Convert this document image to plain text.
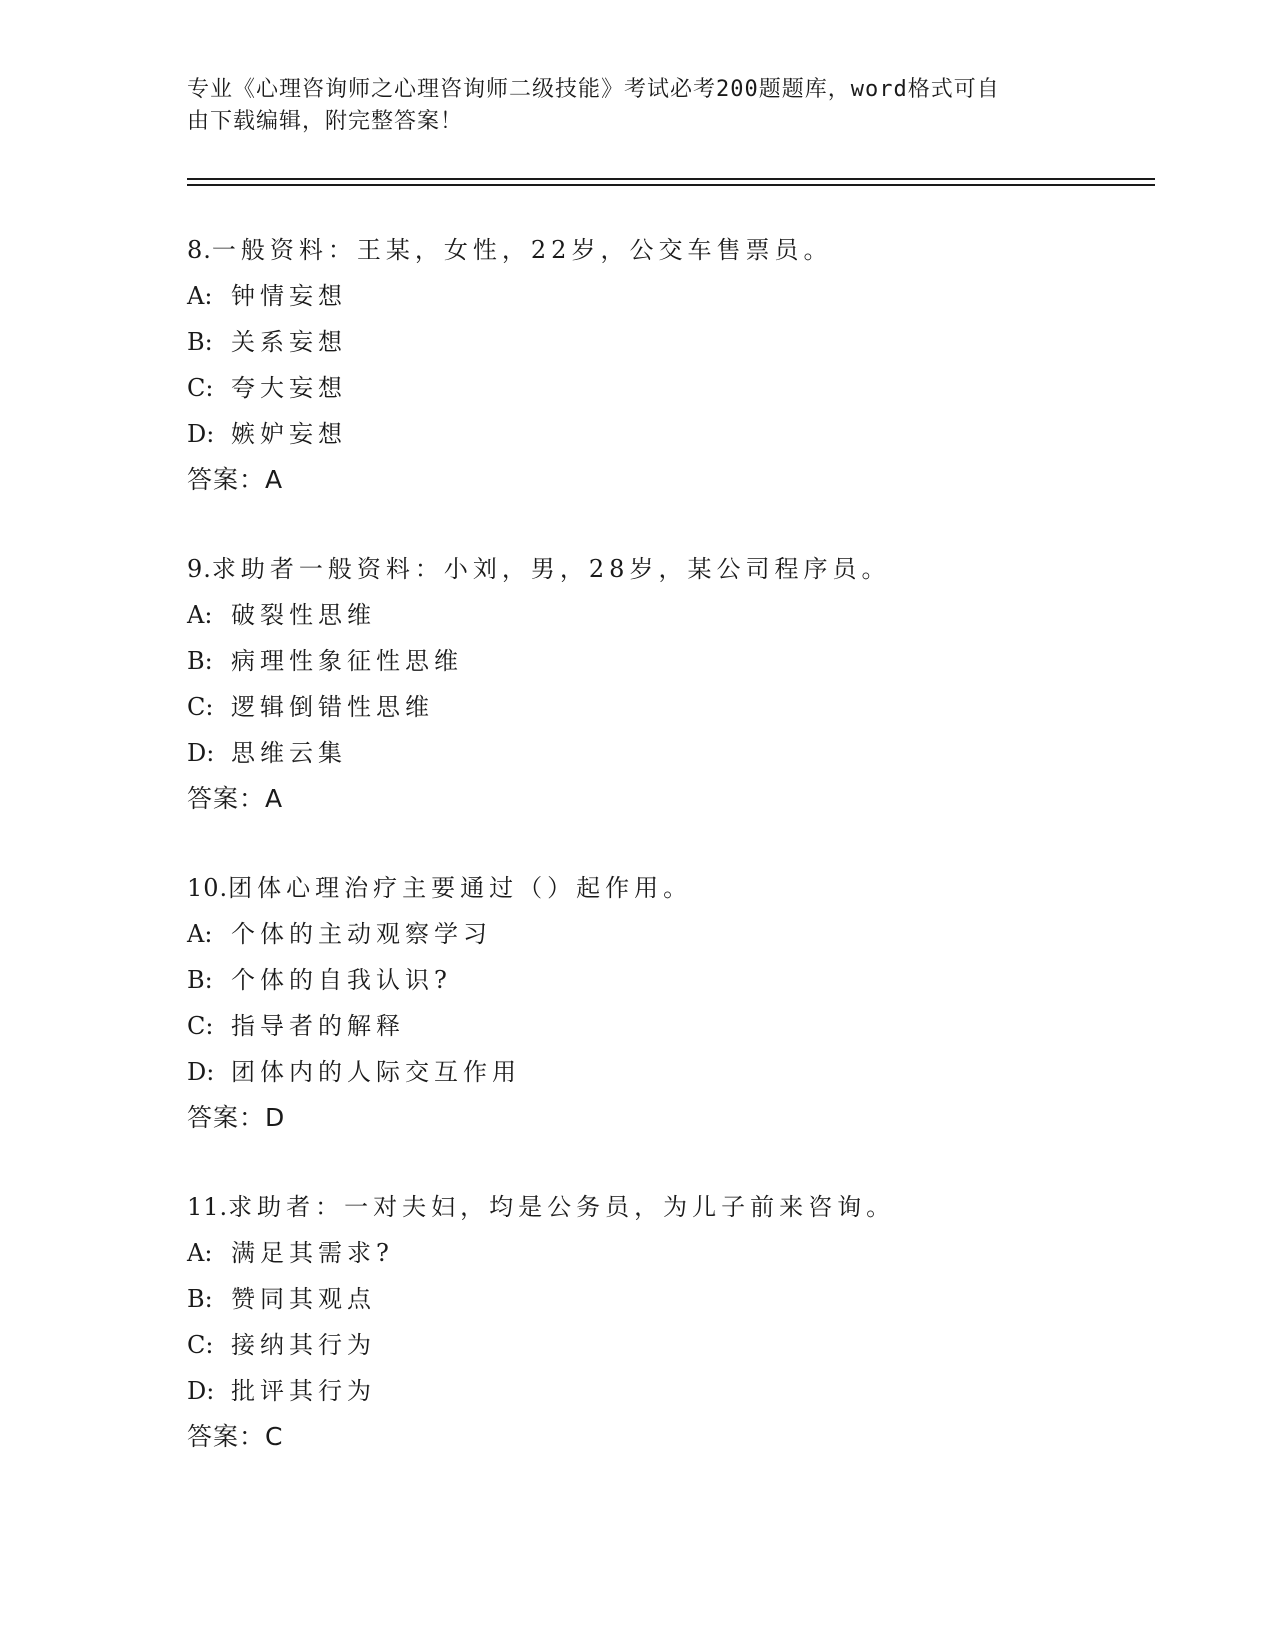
专业《心理咨询师之心理咨询师二级技能》考试必考200题题库，word格式可自
由下载编辑，附完整答案！
8.一般资料：王某，女性，22岁，公交车售票员。
A: 钟情妄想
B: 关系妄想
C: 夸大妄想
D: 嫉妒妄想
答案：A
9.求助者一般资料：小刘，男，28岁，某公司程序员。
A: 破裂性思维
B: 病理性象征性思维
C: 逻辑倒错性思维
D: 思维云集
答案：A
10.团体心理治疗主要通过（）起作用。
A: 个体的主动观察学习
B: 个体的自我认识?
C: 指导者的解释
D: 团体内的人际交互作用
答案：D
11.求助者：一对夫妇，均是公务员，为儿子前来咨询。
A: 满足其需求?
B: 赞同其观点
C: 接纳其行为
D: 批评其行为
答案：C
